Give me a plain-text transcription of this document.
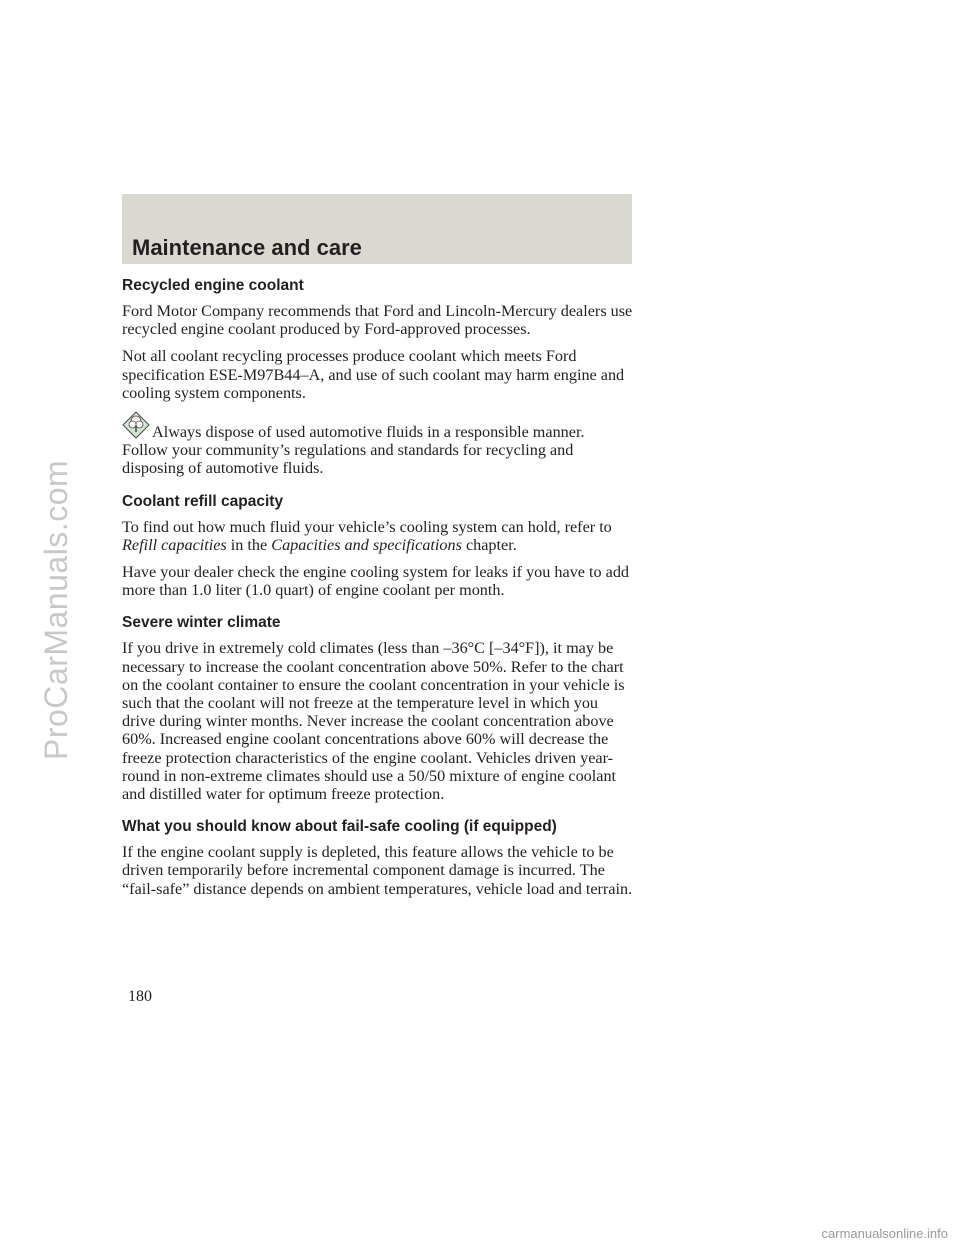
ProCarManuals.com
Maintenance and care
Recycled engine coolant

Ford Motor Company recommends that Ford and Lincoln-Mercury dealers use recycled engine coolant produced by Ford-approved processes.

Not all coolant recycling processes produce coolant which meets Ford specification ESE-M97B44–A, and use of such coolant may harm engine and cooling system components.

Always dispose of used automotive fluids in a responsible manner. Follow your community’s regulations and standards for recycling and disposing of automotive fluids.

Coolant refill capacity

To find out how much fluid your vehicle’s cooling system can hold, refer to Refill capacities in the Capacities and specifications chapter.

Have your dealer check the engine cooling system for leaks if you have to add more than 1.0 liter (1.0 quart) of engine coolant per month.

Severe winter climate

If you drive in extremely cold climates (less than –36°C [–34°F]), it may be necessary to increase the coolant concentration above 50%. Refer to the chart on the coolant container to ensure the coolant concentration in your vehicle is such that the coolant will not freeze at the temperature level in which you drive during winter months. Never increase the coolant concentration above 60%. Increased engine coolant concentrations above 60% will decrease the freeze protection characteristics of the engine coolant. Vehicles driven year-round in non-extreme climates should use a 50/50 mixture of engine coolant and distilled water for optimum freeze protection.

What you should know about fail-safe cooling (if equipped)

If the engine coolant supply is depleted, this feature allows the vehicle to be driven temporarily before incremental component damage is incurred. The “fail-safe” distance depends on ambient temperatures, vehicle load and terrain.

180
carmanualsonline.info
